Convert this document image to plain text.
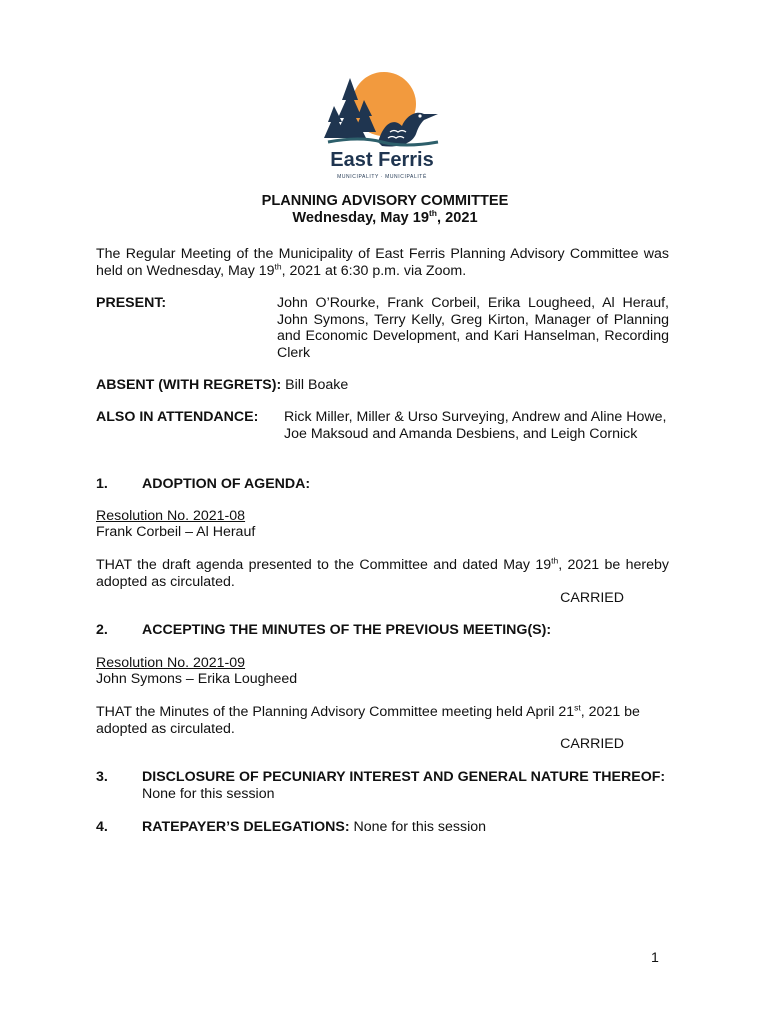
East Ferris
MUNICIPALITY · MUNICIPALITÉ
PLANNING ADVISORY COMMITTEE
Wednesday, May 19th, 2021
The Regular Meeting of the Municipality of East Ferris Planning Advisory Committee was held on Wednesday, May 19th, 2021 at 6:30 p.m. via Zoom.
PRESENT:	John O’Rourke, Frank Corbeil, Erika Lougheed, Al Herauf, John Symons, Terry Kelly, Greg Kirton, Manager of Planning and Economic Development, and Kari Hanselman, Recording Clerk
ABSENT (WITH REGRETS): Bill Boake
ALSO IN ATTENDANCE: Rick Miller, Miller & Urso Surveying, Andrew and Aline Howe, Joe Maksoud and Amanda Desbiens, and Leigh Cornick
1. ADOPTION OF AGENDA:
Resolution No. 2021-08
Frank Corbeil – Al Herauf
THAT the draft agenda presented to the Committee and dated May 19th, 2021 be hereby adopted as circulated.
CARRIED
2. ACCEPTING THE MINUTES OF THE PREVIOUS MEETING(S):
Resolution No. 2021-09
John Symons – Erika Lougheed
THAT the Minutes of the Planning Advisory Committee meeting held April 21st, 2021 be adopted as circulated.
CARRIED
3. DISCLOSURE OF PECUNIARY INTEREST AND GENERAL NATURE THEREOF:
None for this session
4. RATEPAYER’S DELEGATIONS: None for this session
1
